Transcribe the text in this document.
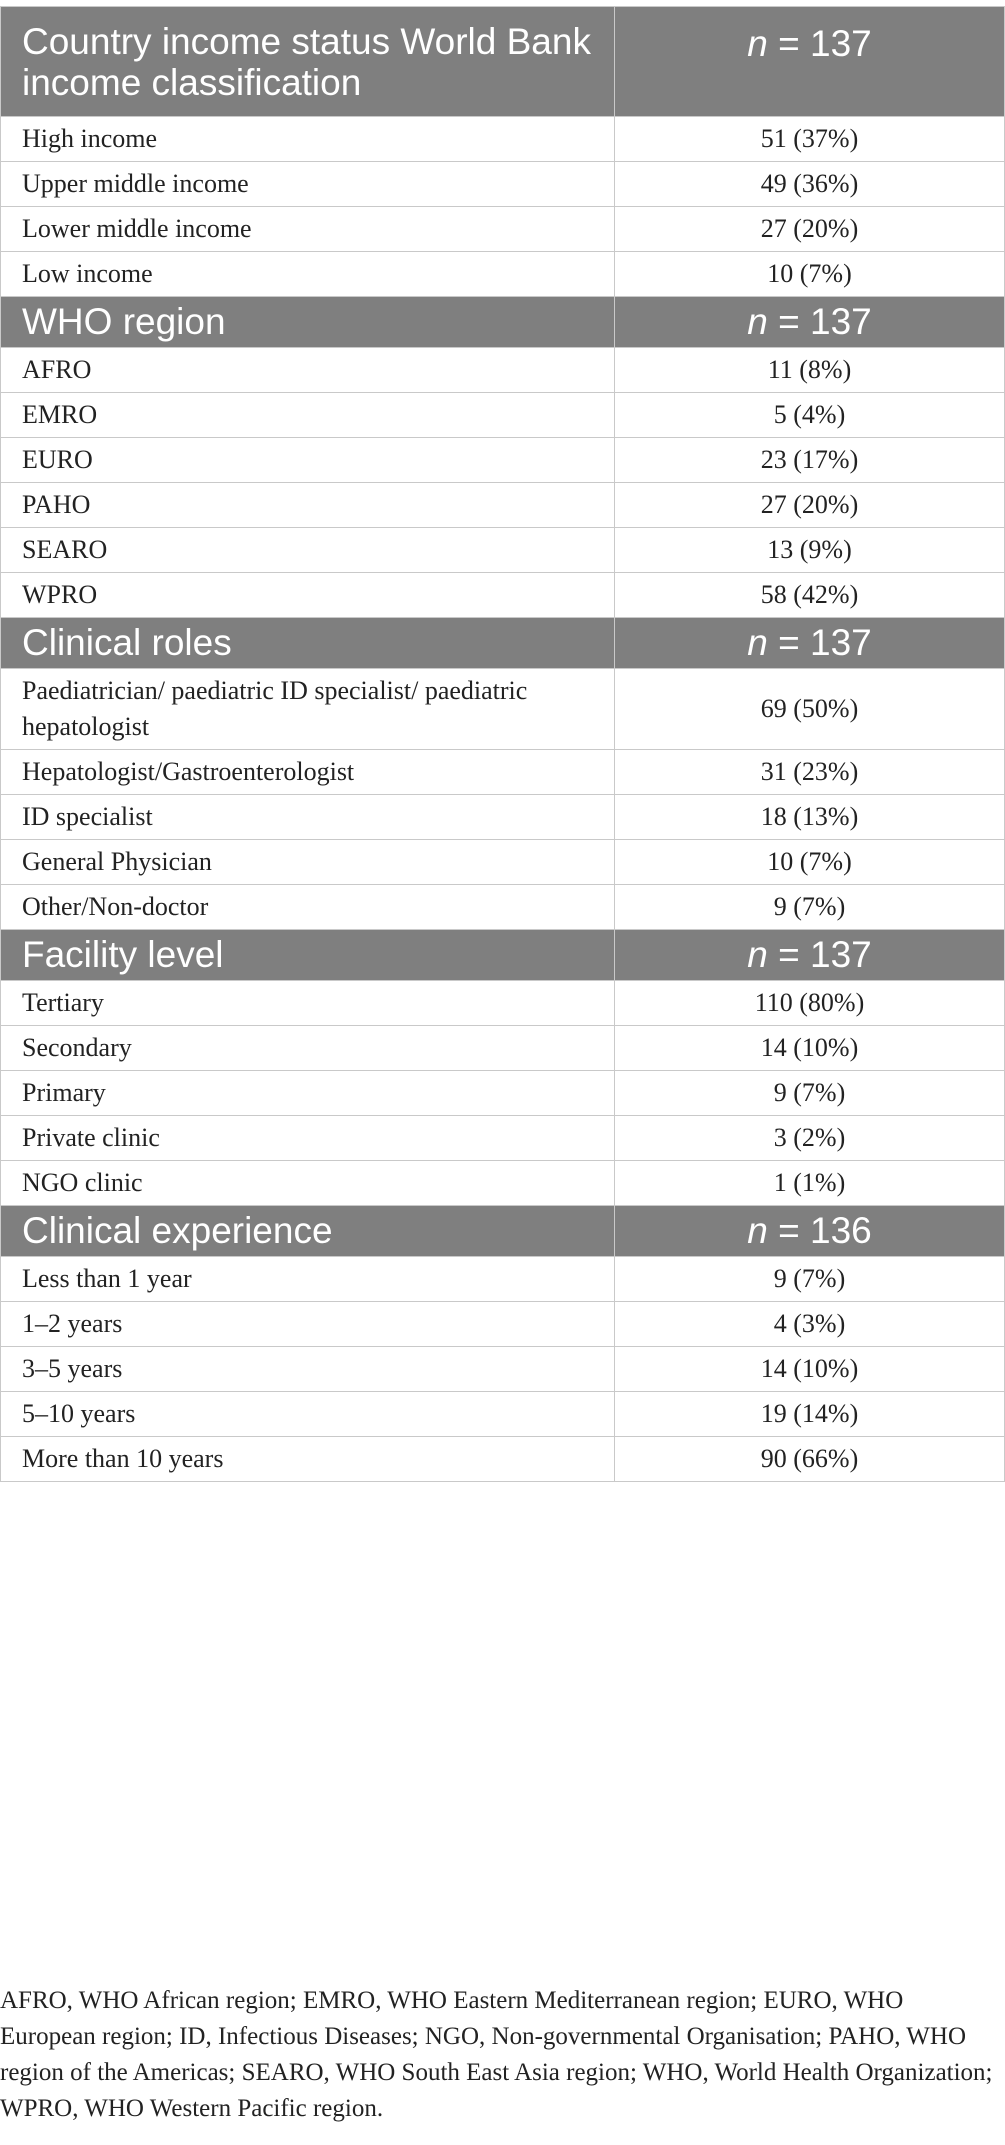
Country income status World Bank income classification	n = 137
High income	51 (37%)
Upper middle income	49 (36%)
Lower middle income	27 (20%)
Low income	10 (7%)
WHO region	n = 137
AFRO	11 (8%)
EMRO	5 (4%)
EURO	23 (17%)
PAHO	27 (20%)
SEARO	13 (9%)
WPRO	58 (42%)
Clinical roles	n = 137
Paediatrician/ paediatric ID specialist/ paediatric hepatologist	69 (50%)
Hepatologist/Gastroenterologist	31 (23%)
ID specialist	18 (13%)
General Physician	10 (7%)
Other/Non-doctor	9 (7%)
Facility level	n = 137
Tertiary	110 (80%)
Secondary	14 (10%)
Primary	9 (7%)
Private clinic	3 (2%)
NGO clinic	1 (1%)
Clinical experience	n = 136
Less than 1 year	9 (7%)
1–2 years	4 (3%)
3–5 years	14 (10%)
5–10 years	19 (14%)
More than 10 years	90 (66%)

AFRO, WHO African region; EMRO, WHO Eastern Mediterranean region; EURO, WHO European region; ID, Infectious Diseases; NGO, Non-governmental Organisation; PAHO, WHO region of the Americas; SEARO, WHO South East Asia region; WHO, World Health Organization; WPRO, WHO Western Pacific region.
